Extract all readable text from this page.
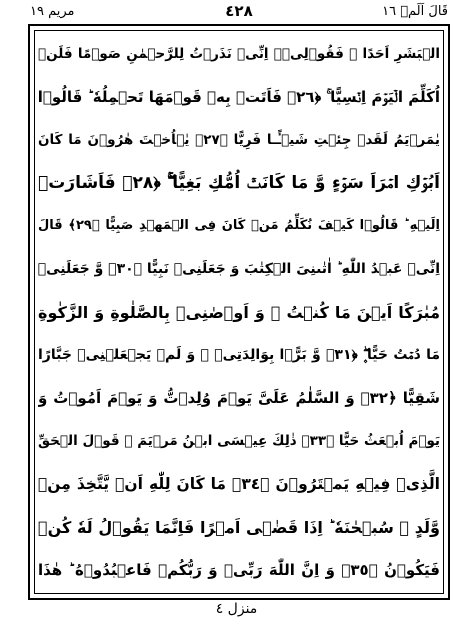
مریم ١٩	٤٢٨	قَالَ اَلَمۡ ١٦
الۡبَشَرِ اَحَدًا ۙ فَقُوۡلِیۡۤ اِنِّیۡ نَذَرۡتُ لِلرَّحۡمٰنِ صَوۡمًا فَلَنۡ
اُكَلِّمَ الۡیَوۡمَ اِنۡسِیًّا ۚ ﴿٢٦﴾ فَاَتَتۡ بِهٖ قَوۡمَهَا تَحۡمِلُهٗ ؕ قَالُوۡا
یٰمَرۡیَمُ لَقَدۡ جِئۡتِ شَیۡـًٔـا فَرِیًّا ﴿٢٧﴾ یٰۤاُخۡتَ هٰرُوۡنَ مَا كَانَ
اَبُوۡكِ امۡرَاَ سَوۡءٍ وَّ مَا كَانَتۡ اُمُّكِ بَغِیًّا ۖۚ ﴿٢٨﴾ فَاَشَارَتۡ
اِلَیۡهِ ؕ قَالُوۡا كَیۡفَ نُكَلِّمُ مَنۡ كَانَ فِی الۡمَهۡدِ صَبِیًّا ﴿٢٩﴾ قَالَ
اِنِّیۡ عَبۡدُ اللّٰهِ ؕ اٰتٰىنِیَ الۡكِتٰبَ وَ جَعَلَنِیۡ نَبِیًّا ﴿٣٠﴾ وَّ جَعَلَنِیۡ
مُبٰرَكًا اَیۡنَ مَا كُنۡتُ ۪ وَ اَوۡصٰنِیۡ بِالصَّلٰوةِ وَ الزَّكٰوةِ
مَا دُمۡتُ حَیًّا ۪ۖ ﴿٣١﴾ وَّ بَرًّۢا بِوَالِدَتِیۡ ۫ وَ لَمۡ یَجۡعَلۡنِیۡ جَبَّارًا
شَقِیًّا ﴿٣٢﴾ وَ السَّلٰمُ عَلَیَّ یَوۡمَ وُلِدۡتُّ وَ یَوۡمَ اَمُوۡتُ وَ
یَوۡمَ اُبۡعَثُ حَیًّا ﴿٣٣﴾ ذٰلِكَ عِیۡسَی ابۡنُ مَرۡیَمَ ۚ قَوۡلَ الۡحَقِّ
الَّذِیۡ فِیۡهِ یَمۡتَرُوۡنَ ﴿٣٤﴾ مَا كَانَ لِلّٰهِ اَنۡ یَّتَّخِذَ مِنۡ
وَّلَدٍ ۙ سُبۡحٰنَهٗ ؕ اِذَا قَضٰۤی اَمۡرًا فَاِنَّمَا یَقُوۡلُ لَهٗ كُنۡ
فَیَكُوۡنُ ﴿٣٥﴾ وَ اِنَّ اللّٰهَ رَبِّیۡ وَ رَبُّكُمۡ فَاعۡبُدُوۡهُ ؕ هٰذَا
منزل ٤
